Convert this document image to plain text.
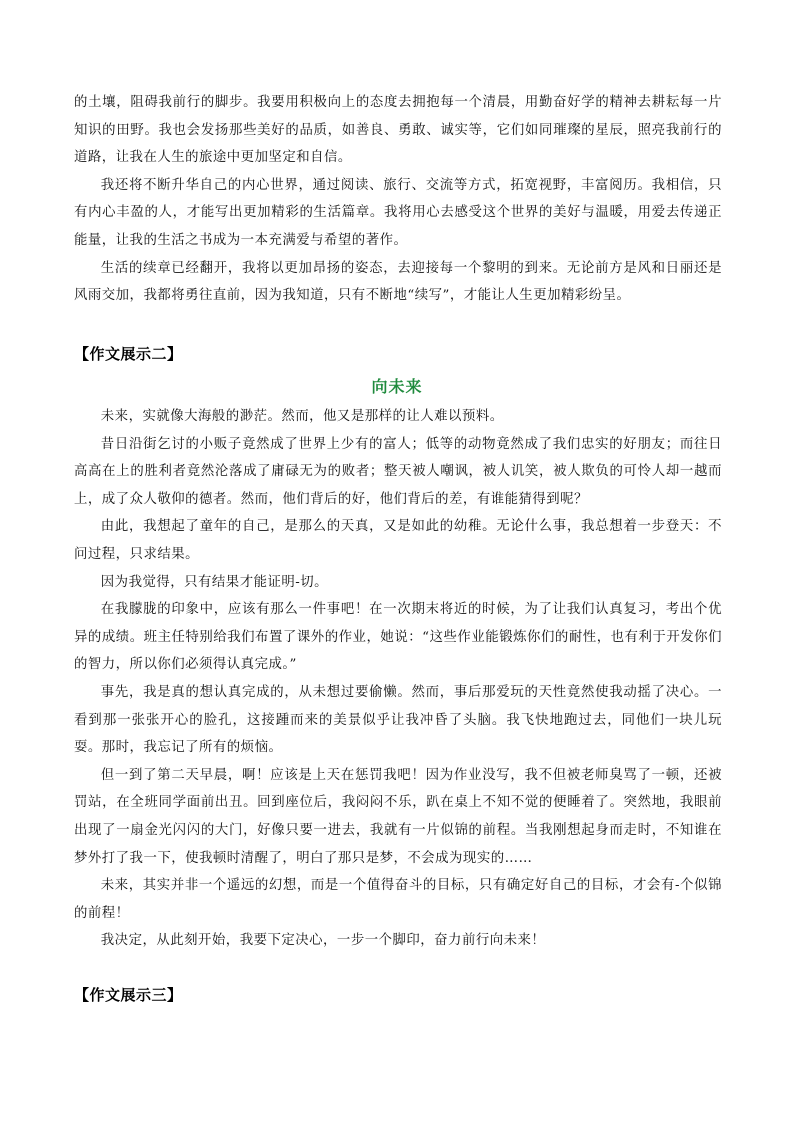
的土壤，阻碍我前行的脚步。我要用积极向上的态度去拥抱每一个清晨，用勤奋好学的精神去耕耘每一片知识的田野。我也会发扬那些美好的品质，如善良、勇敢、诚实等，它们如同璀璨的星辰，照亮我前行的道路，让我在人生的旅途中更加坚定和自信。

我还将不断升华自己的内心世界，通过阅读、旅行、交流等方式，拓宽视野，丰富阅历。我相信，只有内心丰盈的人，才能写出更加精彩的生活篇章。我将用心去感受这个世界的美好与温暖，用爱去传递正能量，让我的生活之书成为一本充满爱与希望的著作。

生活的续章已经翻开，我将以更加昂扬的姿态，去迎接每一个黎明的到来。无论前方是风和日丽还是风雨交加，我都将勇往直前，因为我知道，只有不断地“续写”，才能让人生更加精彩纷呈。

【作文展示二】
向未来

未来，实就像大海般的渺茫。然而，他又是那样的让人难以预料。

昔日沿街乞讨的小贩子竟然成了世界上少有的富人；低等的动物竟然成了我们忠实的好朋友；而往日高高在上的胜利者竟然沦落成了庸碌无为的败者；整天被人嘲讽，被人讥笑，被人欺负的可怜人却一越而上，成了众人敬仰的德者。然而，他们背后的好，他们背后的差，有谁能猜得到呢？

由此，我想起了童年的自己，是那么的天真，又是如此的幼稚。无论什么事，我总想着一步登天：不问过程，只求结果。

因为我觉得，只有结果才能证明-切。

在我朦胧的印象中，应该有那么一件事吧！在一次期末将近的时候，为了让我们认真复习，考出个优异的成绩。班主任特别给我们布置了课外的作业，她说：“这些作业能锻炼你们的耐性，也有利于开发你们的智力，所以你们必须得认真完成。”

事先，我是真的想认真完成的，从未想过要偷懒。然而，事后那爱玩的天性竟然使我动摇了决心。一看到那一张张开心的脸孔，这接踵而来的美景似乎让我冲昏了头脑。我飞快地跑过去，同他们一块儿玩耍。那时，我忘记了所有的烦恼。

但一到了第二天早晨，啊！应该是上天在惩罚我吧！因为作业没写，我不但被老师臭骂了一顿，还被罚站，在全班同学面前出丑。回到座位后，我闷闷不乐，趴在桌上不知不觉的便睡着了。突然地，我眼前出现了一扇金光闪闪的大门，好像只要一进去，我就有一片似锦的前程。当我刚想起身而走时，不知谁在梦外打了我一下，使我顿时清醒了，明白了那只是梦，不会成为现实的……

未来，其实并非一个遥远的幻想，而是一个值得奋斗的目标，只有确定好自己的目标，才会有-个似锦的前程！

我决定，从此刻开始，我要下定决心，一步一个脚印，奋力前行向未来！

【作文展示三】
